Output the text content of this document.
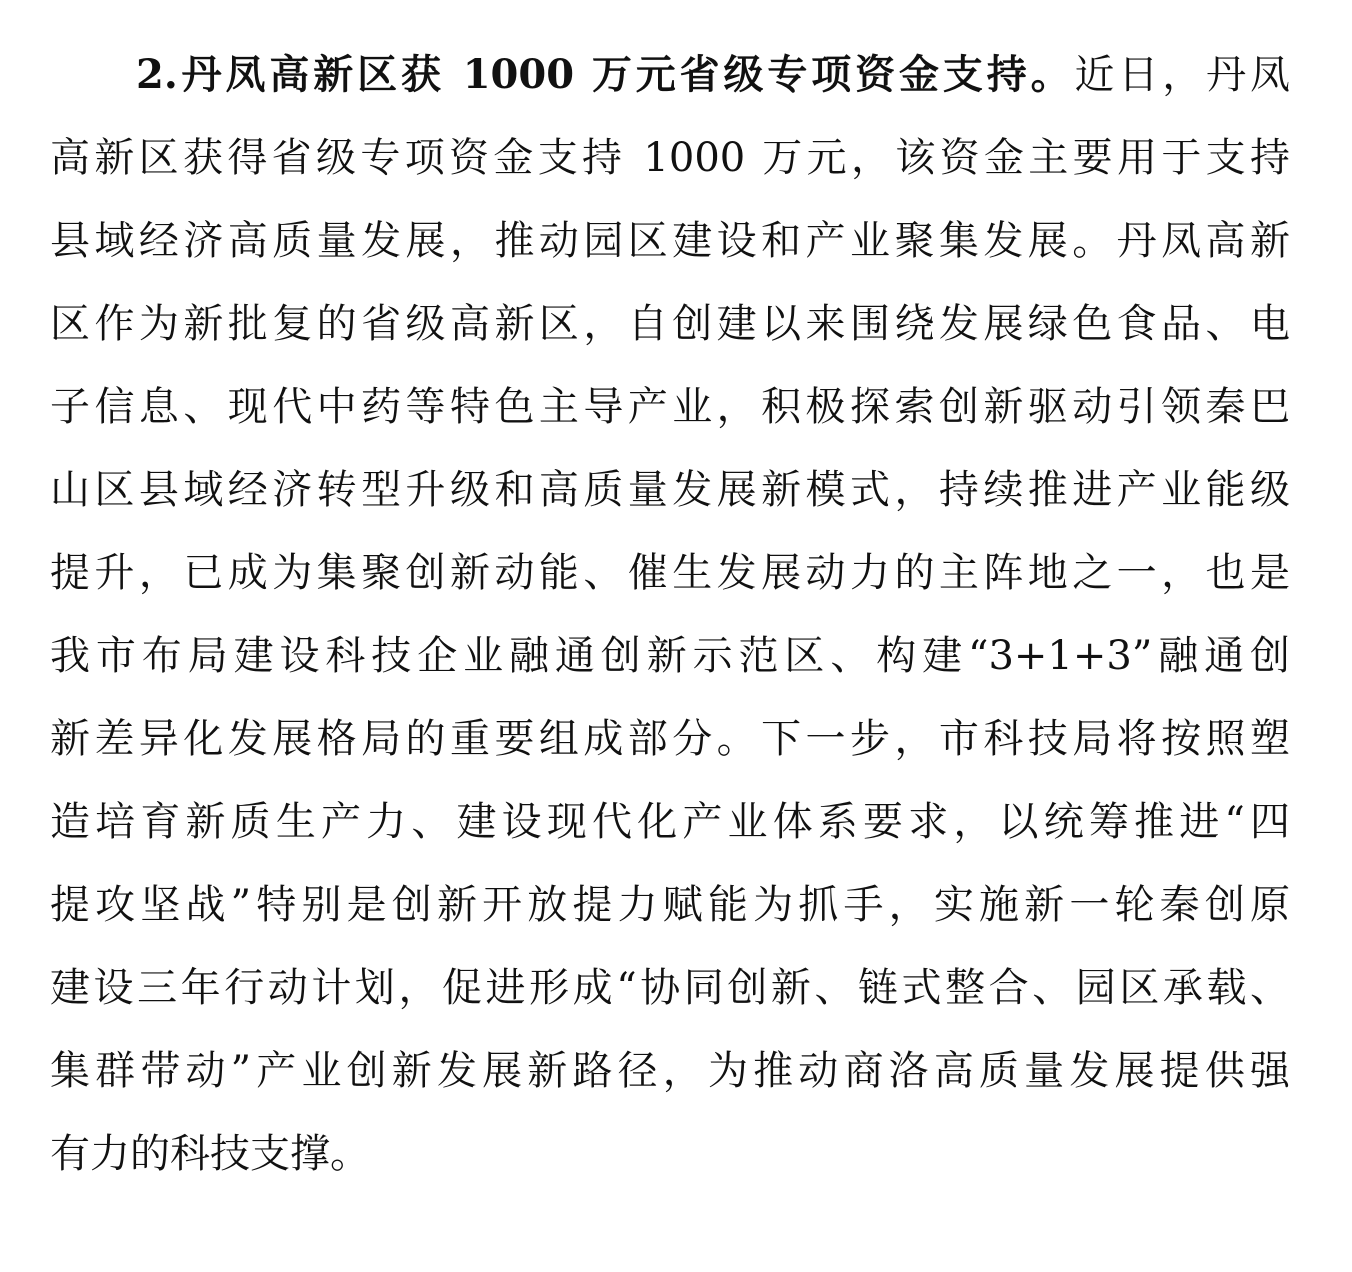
2.丹凤高新区获 1000 万元省级专项资金支持。近日，丹凤
高新区获得省级专项资金支持 1000 万元，该资金主要用于支持
县域经济高质量发展，推动园区建设和产业聚集发展。丹凤高新
区作为新批复的省级高新区，自创建以来围绕发展绿色食品、电
子信息、现代中药等特色主导产业，积极探索创新驱动引领秦巴
山区县域经济转型升级和高质量发展新模式，持续推进产业能级
提升，已成为集聚创新动能、催生发展动力的主阵地之一，也是
我市布局建设科技企业融通创新示范区、构建“3+1+3”融通创
新差异化发展格局的重要组成部分。下一步，市科技局将按照塑
造培育新质生产力、建设现代化产业体系要求，以统筹推进“四
提攻坚战”特别是创新开放提力赋能为抓手，实施新一轮秦创原
建设三年行动计划，促进形成“协同创新、链式整合、园区承载、
集群带动”产业创新发展新路径，为推动商洛高质量发展提供强
有力的科技支撑。
